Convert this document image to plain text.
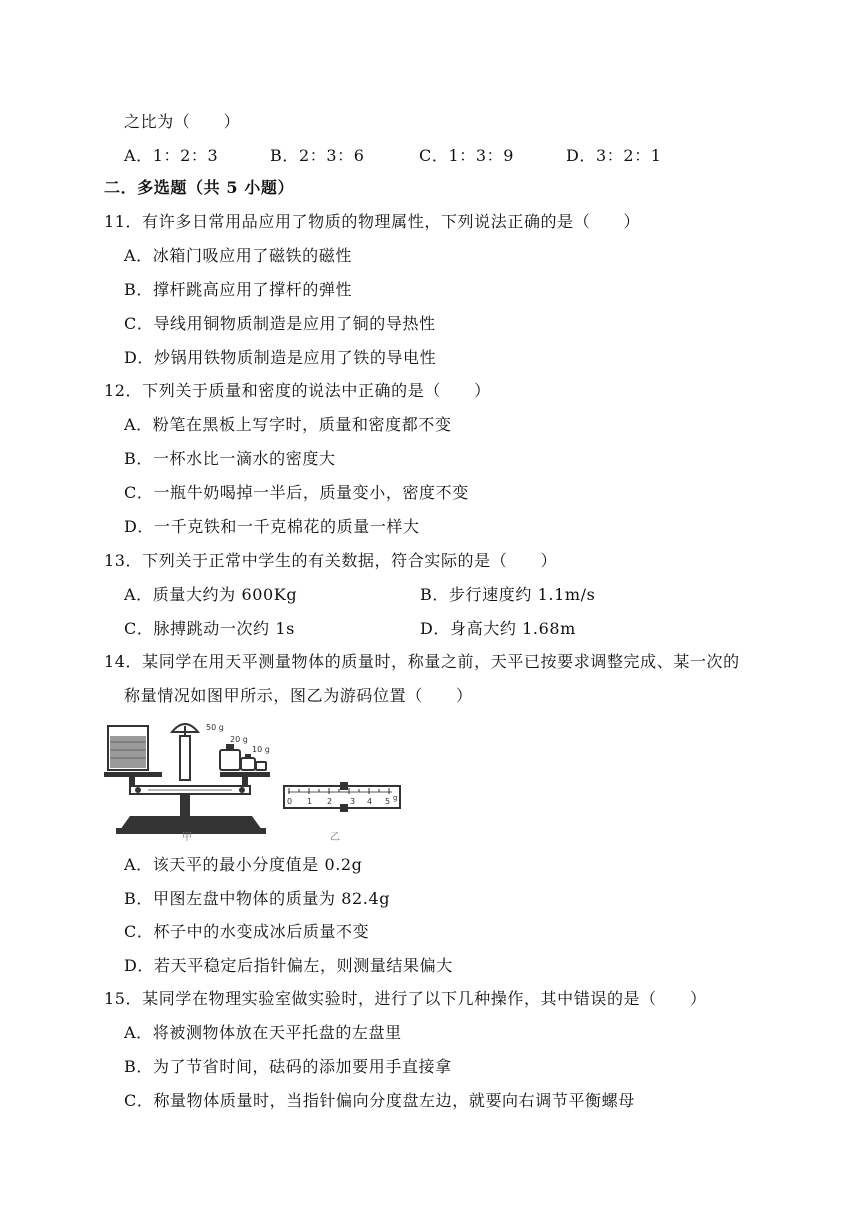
之比为（　　）
A．1：2：3	B．2：3：6	C．1：3：9	D．3：2：1
二．多选题（共 5 小题）
11．有许多日常用品应用了物质的物理属性，下列说法正确的是（　　）
A．冰箱门吸应用了磁铁的磁性
B．撑杆跳高应用了撑杆的弹性
C．导线用铜物质制造是应用了铜的导热性
D．炒锅用铁物质制造是应用了铁的导电性
12．下列关于质量和密度的说法中正确的是（　　）
A．粉笔在黑板上写字时，质量和密度都不变
B．一杯水比一滴水的密度大
C．一瓶牛奶喝掉一半后，质量变小，密度不变
D．一千克铁和一千克棉花的质量一样大
13．下列关于正常中学生的有关数据，符合实际的是（　　）
A．质量大约为 600Kg	B．步行速度约 1.1m/s
C．脉搏跳动一次约 1s	D．身高大约 1.68m
14．某同学在用天平测量物体的质量时，称量之前，天平已按要求调整完成、某一次的
称量情况如图甲所示，图乙为游码位置（　　）
50 g
20 g
10 g
甲
0 1 2 3 4 5 g
乙
A．该天平的最小分度值是 0.2g
B．甲图左盘中物体的质量为 82.4g
C．杯子中的水变成冰后质量不变
D．若天平稳定后指针偏左，则测量结果偏大
15．某同学在物理实验室做实验时，进行了以下几种操作，其中错误的是（　　）
A．将被测物体放在天平托盘的左盘里
B．为了节省时间，砝码的添加要用手直接拿
C．称量物体质量时，当指针偏向分度盘左边，就要向右调节平衡螺母
